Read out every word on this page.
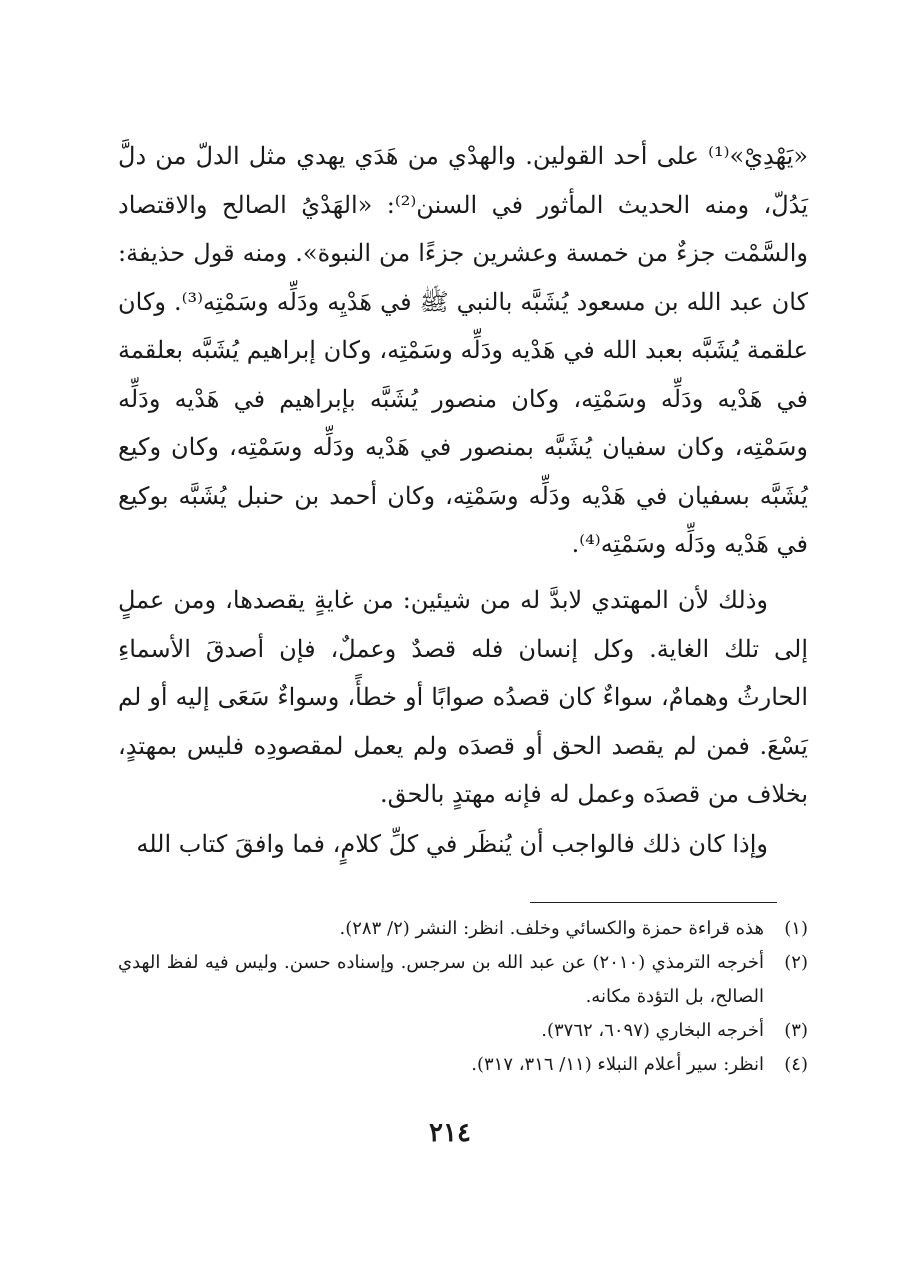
«يَهْدِيْ»⁽¹⁾ على أحد القولين. والهدْي من هَدَي يهدي مثل الدلّ من دلَّ يَدُلّ، ومنه الحديث المأثور في السنن⁽²⁾: «الهَدْيُ الصالح والاقتصاد والسَّمْت جزءٌ من خمسة وعشرين جزءًا من النبوة». ومنه قول حذيفة: كان عبد الله بن مسعود يُشَبَّه بالنبي ﷺ في هَدْيِه ودَلِّه وسَمْتِه⁽³⁾. وكان علقمة يُشَبَّه بعبد الله في هَدْيه ودَلِّه وسَمْتِه، وكان إبراهيم يُشَبَّه بعلقمة في هَدْيه ودَلِّه وسَمْتِه، وكان منصور يُشَبَّه بإبراهيم في هَدْيه ودَلِّه وسَمْتِه، وكان سفيان يُشَبَّه بمنصور في هَدْيه ودَلِّه وسَمْتِه، وكان وكيع يُشَبَّه بسفيان في هَدْيه ودَلِّه وسَمْتِه، وكان أحمد بن حنبل يُشَبَّه بوكيع في هَدْيه ودَلِّه وسَمْتِه⁽⁴⁾.

وذلك لأن المهتدي لابدَّ له من شيئين: من غايةٍ يقصدها، ومن عملٍ إلى تلك الغاية. وكل إنسان فله قصدٌ وعملٌ، فإن أصدقَ الأسماءِ الحارثُ وهمامٌ، سواءٌ كان قصدُه صوابًا أو خطأً، وسواءٌ سَعَى إليه أو لم يَسْعَ. فمن لم يقصد الحق أو قصدَه ولم يعمل لمقصودِه فليس بمهتدٍ، بخلاف من قصدَه وعمل له فإنه مهتدٍ بالحق.

وإذا كان ذلك فالواجب أن يُنظَر في كلِّ كلامٍ، فما وافقَ كتاب الله

(١)
هذه قراءة حمزة والكسائي وخلف. انظر: النشر (٢/ ٢٨٣).
(٢)
أخرجه الترمذي (٢٠١٠) عن عبد الله بن سرجس. وإسناده حسن. وليس فيه لفظ الهدي الصالح، بل التؤدة مكانه.
(٣)
أخرجه البخاري (٦٠٩٧، ٣٧٦٢).
(٤)
انظر: سير أعلام النبلاء (١١/ ٣١٦، ٣١٧).
٢١٤
